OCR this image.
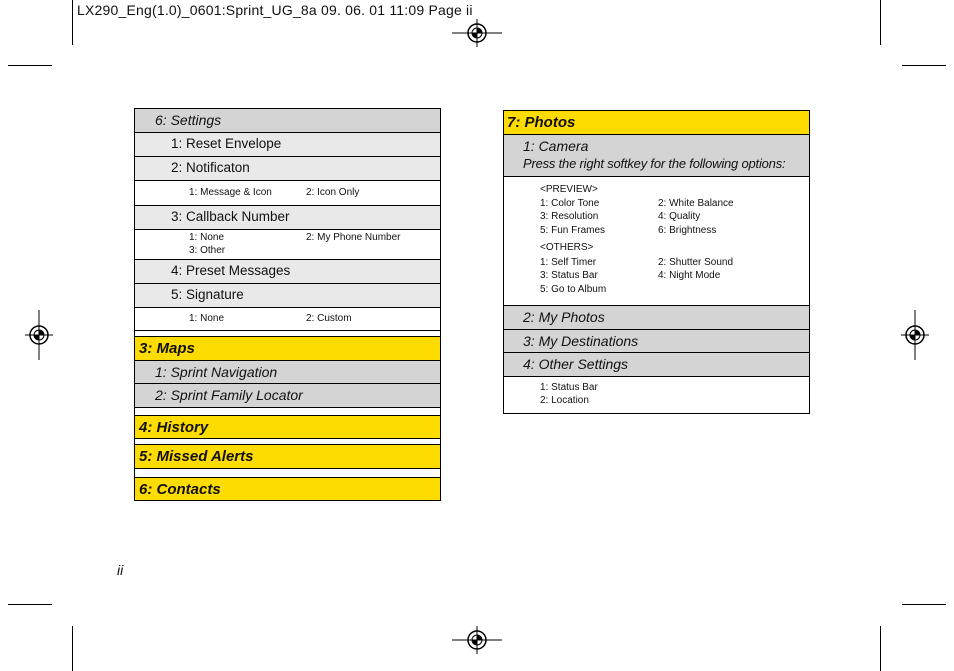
LX290_Eng(1.0)_0601:Sprint_UG_8a 09. 06. 01 11:09 Page ii
6: Settings
1: Reset Envelope
2: Notificaton
1: Message & Icon	2: Icon Only
3: Callback Number
1: None	2: My Phone Number
3: Other
4: Preset Messages
5: Signature
1: None	2: Custom
3: Maps
1: Sprint Navigation
2: Sprint Family Locator
4: History
5: Missed Alerts
6: Contacts
7: Photos
1: Camera
Press the right softkey for the following options:
<PREVIEW>
1: Color Tone	2: White Balance
3: Resolution	4: Quality
5: Fun Frames	6: Brightness
<OTHERS>
1: Self Timer	2: Shutter Sound
3: Status Bar	4: Night Mode
5: Go to Album
2: My Photos
3: My Destinations
4: Other Settings
1: Status Bar
2: Location
ii
